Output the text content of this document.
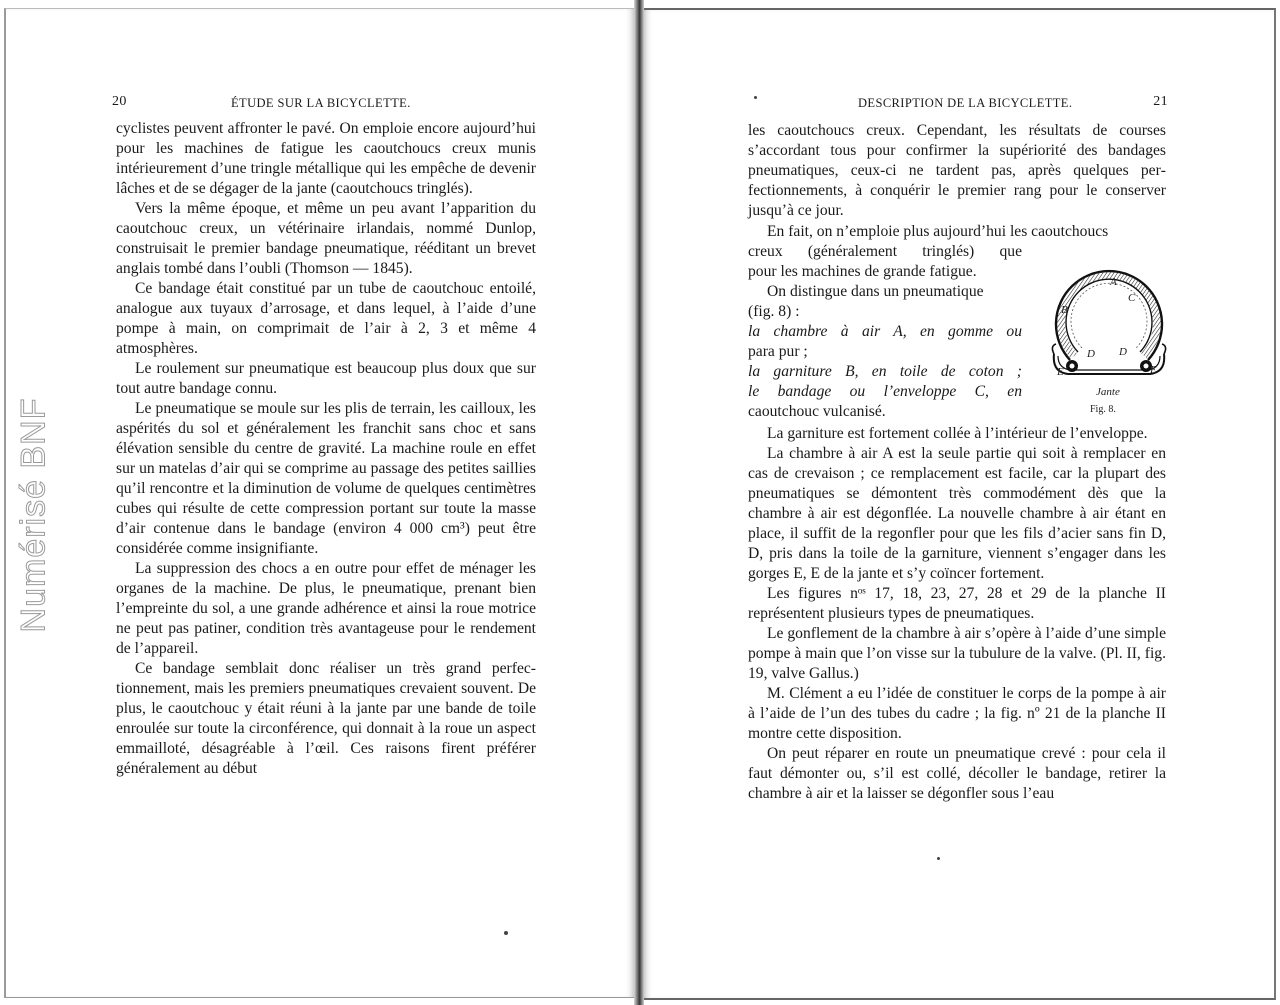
Numérisé BNF
20	ÉTUDE SUR LA BICYCLETTE.

cyclistes peuvent affronter le pavé. On emploie encore aujourd’hui pour les machines de fatigue les caoutchoucs creux munis intérieurement d’une tringle métallique qui les empêche de devenir lâches et de se dégager de la jante (caoutchoucs tringlés).

Vers la même époque, et même un peu avant l’apparition du caoutchouc creux, un vétérinaire irlandais, nommé Dunlop, construisait le premier bandage pneumatique, rééditant un brevet anglais tombé dans l’oubli (Thomson — 1845).

Ce bandage était constitué par un tube de caoutchouc entoilé, analogue aux tuyaux d’arrosage, et dans lequel, à l’aide d’une pompe à main, on comprimait de l’air à 2, 3 et même 4 atmosphères.

Le roulement sur pneumatique est beaucoup plus doux que sur tout autre bandage connu.

Le pneumatique se moule sur les plis de terrain, les cailloux, les aspérités du sol et généralement les franchit sans choc et sans élévation sensible du centre de gravité. La machine roule en effet sur un matelas d’air qui se comprime au passage des petites saillies qu’il rencontre et la diminution de volume de quelques centimètres cubes qui résulte de cette compression portant sur toute la masse d’air contenue dans le bandage (environ 4 000 cm³) peut être considérée comme insignifiante.

La suppression des chocs a en outre pour effet de ménager les organes de la machine. De plus, le pneumatique, prenant bien l’empreinte du sol, a une grande adhérence et ainsi la roue motrice ne peut pas patiner, condition très avantageuse pour le rendement de l’appareil.

Ce bandage semblait donc réaliser un très grand perfectionnement, mais les premiers pneumatiques crevaient souvent. De plus, le caoutchouc y était réuni à la jante par une bande de toile enroulée sur toute la circonférence, qui donnait à la roue un aspect emmailloté, désagréable à l’œil. Ces raisons firent préférer généralement au début

DESCRIPTION DE LA BICYCLETTE.	21

les caoutchoucs creux. Cependant, les résultats de courses s’accordant tous pour confirmer la supériorité des bandages pneumatiques, ceux-ci ne tardent pas, après quelques perfectionnements, à conquérir le premier rang pour le conserver jusqu’à ce jour.

En fait, on n’emploie plus aujourd’hui les caoutchoucs

creux (généralement tringlés) que

pour les machines de grande fatigue.

On distingue dans un pneumatique

(fig. 8) :

la chambre à air A, en gomme ou

para pur ;

la garniture B, en toile de coton ;

le bandage ou l’enveloppe C, en

caoutchouc vulcanisé.

La garniture est fortement collée à l’intérieur de l’enveloppe.

La chambre à air A est la seule partie qui soit à remplacer en cas de crevaison ; ce remplacement est facile, car la plupart des pneumatiques se démontent très commodément dès que la chambre à air est dégonflée. La nouvelle chambre à air étant en place, il suffit de la regonfler pour que les fils d’acier sans fin D, D, pris dans la toile de la garniture, viennent s’engager dans les gorges E, E de la jante et s’y coïncer fortement.

Les figures nᵒˢ 17, 18, 23, 27, 28 et 29 de la planche II représentent plusieurs types de pneumatiques.

Le gonflement de la chambre à air s’opère à l’aide d’une simple pompe à main que l’on visse sur la tubulure de la valve. (Pl. II, fig. 19, valve Gallus.)

M. Clément a eu l’idée de constituer le corps de la pompe à air à l’aide de l’un des tubes du cadre ; la fig. nº 21 de la planche II montre cette disposition.

On peut réparer en route un pneumatique crevé : pour cela il faut démonter ou, s’il est collé, décoller le bandage, retirer la chambre à air et la laisser se dégonfler sous l’eau

A
B
C
D D
E	E
Jante
Fig. 8.
